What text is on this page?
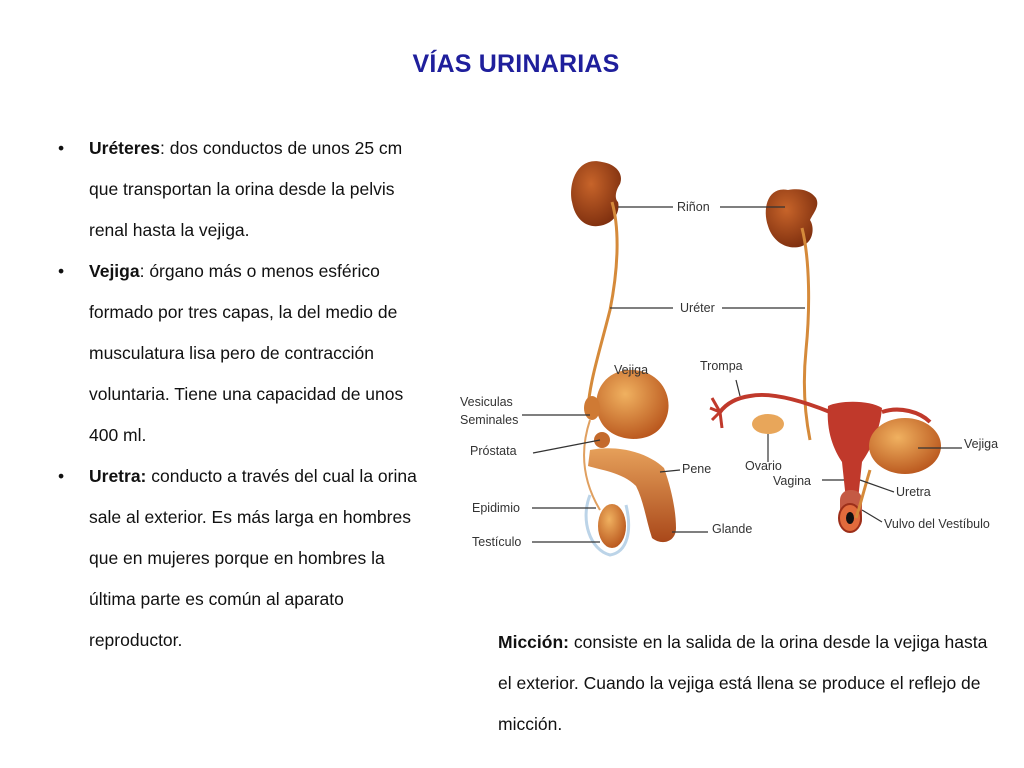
VÍAS URINARIAS
• Uréteres: dos conductos de unos 25 cm que transportan la orina desde la pelvis renal hasta la vejiga.
• Vejiga: órgano más o menos esférico formado por tres capas, la del medio de musculatura lisa pero de contracción voluntaria. Tiene una capacidad de unos 400 ml.
• Uretra: conducto a través del cual la orina sale al exterior. Es más larga en hombres que en mujeres porque en hombres la última parte es común al aparato reproductor.
Riñon
Uréter
Vejiga	Trompa
Vesiculas
Seminales
Próstata
Pene	Ovario
Vagina
Vejiga
Uretra
Epidimio
Testículo
Glande	Vulvo del Vestíbulo

Micción: consiste en la salida de la orina desde la vejiga hasta el exterior. Cuando la vejiga está llena se produce el reflejo de micción.
